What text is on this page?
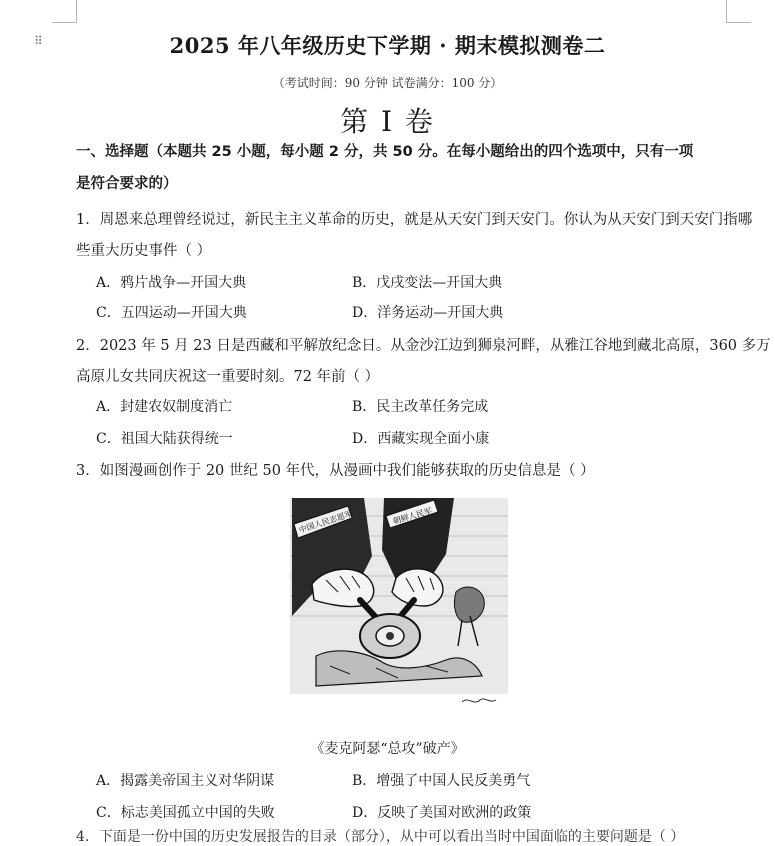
⠿	2025 年八年级历史下学期 · 期末模拟测卷二
（考试时间：90 分钟 试卷满分：100 分）
第 I 卷
一、选择题（本题共 25 小题，每小题 2 分，共 50 分。在每小题给出的四个选项中，只有一项
是符合要求的）
1．周恩来总理曾经说过，新民主主义革命的历史，就是从天安门到天安门。你认为从天安门到天安门指哪
些重大历史事件（ ）
A．鸦片战争—开国大典	B．戊戌变法—开国大典
C．五四运动—开国大典	D．洋务运动—开国大典
2．2023 年 5 月 23 日是西藏和平解放纪念日。从金沙江边到狮泉河畔，从雅江谷地到藏北高原，360 多万
高原儿女共同庆祝这一重要时刻。72 年前（ ）
A．封建农奴制度消亡	B．民主改革任务完成
C．祖国大陆获得统一	D．西藏实现全面小康
3．如图漫画创作于 20 世纪 50 年代，从漫画中我们能够获取的历史信息是（ ）
中国人民志愿军	朝鲜人民军
《麦克阿瑟“总攻”破产》
A．揭露美帝国主义对华阴谋	B．增强了中国人民反美勇气
C．标志美国孤立中国的失败	D．反映了美国对欧洲的政策
4．下面是一份中国的历史发展报告的目录（部分），从中可以看出当时中国面临的主要问题是（ ）
